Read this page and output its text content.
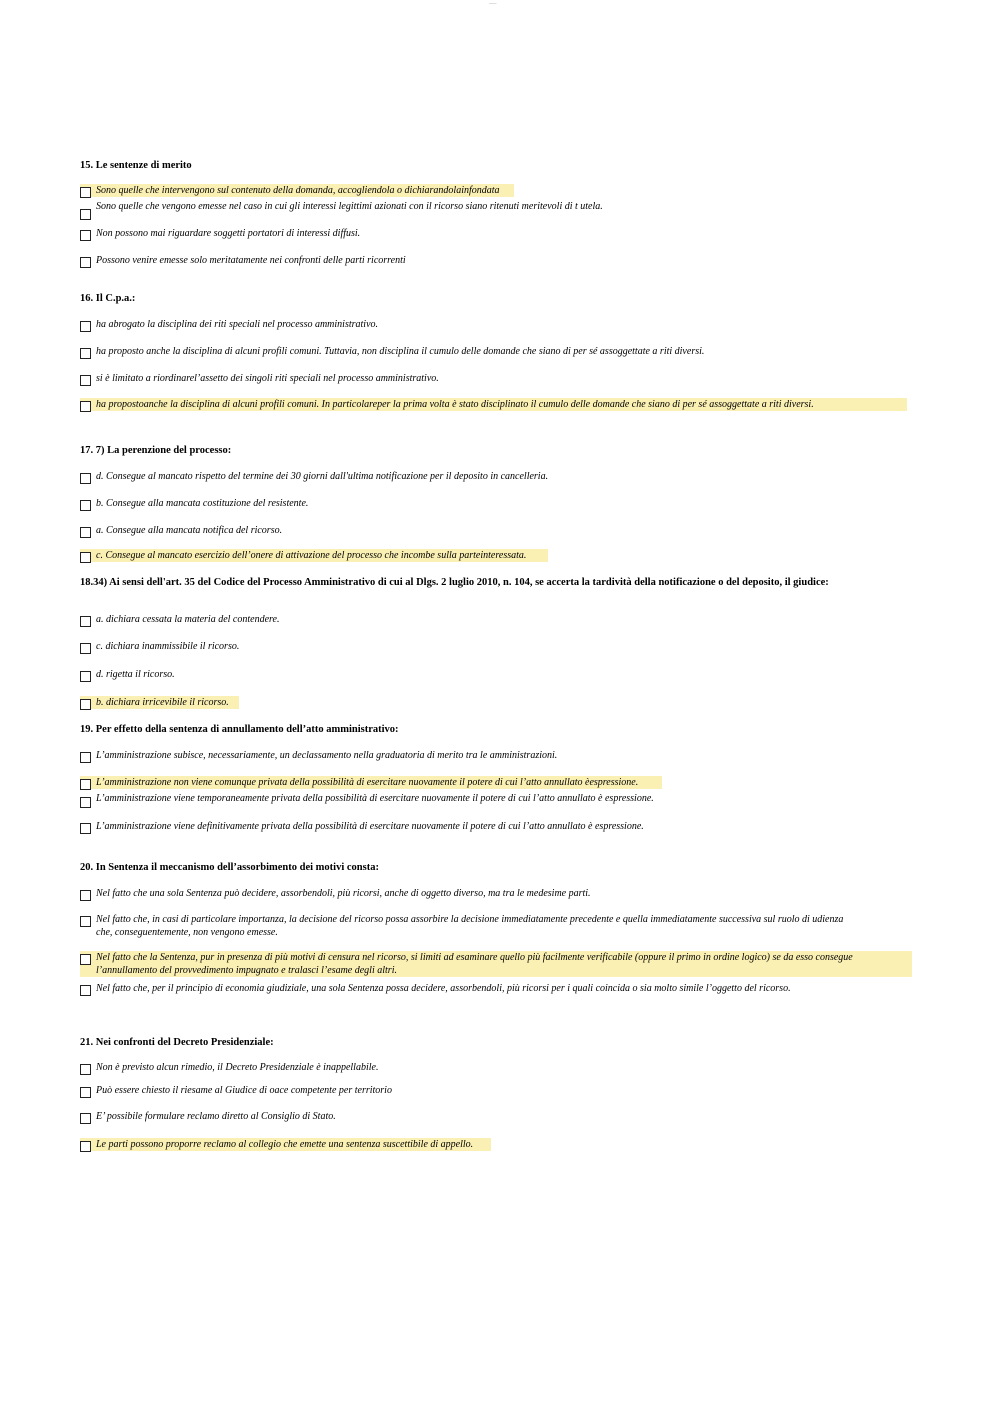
___
15. Le sentenze di merito
Sono quelle che intervengono sul contenuto della domanda, accogliendola o dichiarandolainfondata
Sono quelle che vengono emesse nel caso in cui gli interessi legittimi azionati con il ricorso siano ritenuti meritevoli di t utela.
Non possono mai riguardare soggetti portatori di interessi diffusi.
Possono venire emesse solo meritatamente nei confronti delle parti ricorrenti
16. Il C.p.a.:
ha abrogato la disciplina dei riti speciali nel processo amministrativo.
ha proposto anche la disciplina di alcuni profili comuni. Tuttavia, non disciplina il cumulo delle domande che siano di per sé assoggettate a riti diversi.
si è limitato a riordinarel’assetto dei singoli riti speciali nel processo amministrativo.
ha propostoanche la disciplina di alcuni profili comuni. In particolareper la prima volta è stato disciplinato il cumulo delle domande che siano di per sé assoggettate a riti diversi.
17. 7) La perenzione del processo:
d. Consegue al mancato rispetto del termine dei 30 giorni dall'ultima notificazione per il deposito in cancelleria.
b. Consegue alla mancata costituzione del resistente.
a. Consegue alla mancata notifica del ricorso.
c. Consegue al mancato esercizio dell’onere di attivazione del processo che incombe sulla parteinteressata.
18.34) Ai sensi dell'art. 35 del Codice del Processo Amministrativo di cui al Dlgs. 2 luglio 2010, n. 104, se accerta la tardività della notificazione o del deposito, il giudice:
a. dichiara cessata la materia del contendere.
c. dichiara inammissibile il ricorso.
d. rigetta il ricorso.
b. dichiara irricevibile il ricorso.
19. Per effetto della sentenza di annullamento dell’atto amministrativo:
L’amministrazione subisce, necessariamente, un declassamento nella graduatoria di merito tra le amministrazioni.
L’amministrazione non viene comunque privata della possibilità di esercitare nuovamente il potere di cui l’atto annullato èespressione.
L’amministrazione viene temporaneamente privata della possibilità di esercitare nuovamente il potere di cui l’atto annullato è espressione.
L’amministrazione viene definitivamente privata della possibilità di esercitare nuovamente il potere di cui l’atto annullato è espressione.
20. In Sentenza il meccanismo dell’assorbimento dei motivi consta:
Nel fatto che una sola Sentenza può decidere, assorbendoli, più ricorsi, anche di oggetto diverso, ma tra le medesime parti.
Nel fatto che, in casi di particolare importanza, la decisione del ricorso possa assorbire la decisione immediatamente precedente e quella immediatamente successiva sul ruolo di udienza che, conseguentemente, non vengono emesse.
Nel fatto che la Sentenza, pur in presenza di più motivi di censura nel ricorso, si limiti ad esaminare quello più facilmente verificabile (oppure il primo in ordine logico) se da esso consegue l’annullamento del provvedimento impugnato e tralasci l’esame degli altri.
Nel fatto che, per il principio di economia giudiziale, una sola Sentenza possa decidere, assorbendoli, più ricorsi per i quali coincida o sia molto simile l’oggetto del ricorso.
21. Nei confronti del Decreto Presidenziale:
Non è previsto alcun rimedio, il Decreto Presidenziale è inappellabile.
Può essere chiesto il riesame al Giudice di oace competente per territorio
E’ possibile formulare reclamo diretto al Consiglio di Stato.
Le parti possono proporre reclamo al collegio che emette una sentenza suscettibile di appello.
